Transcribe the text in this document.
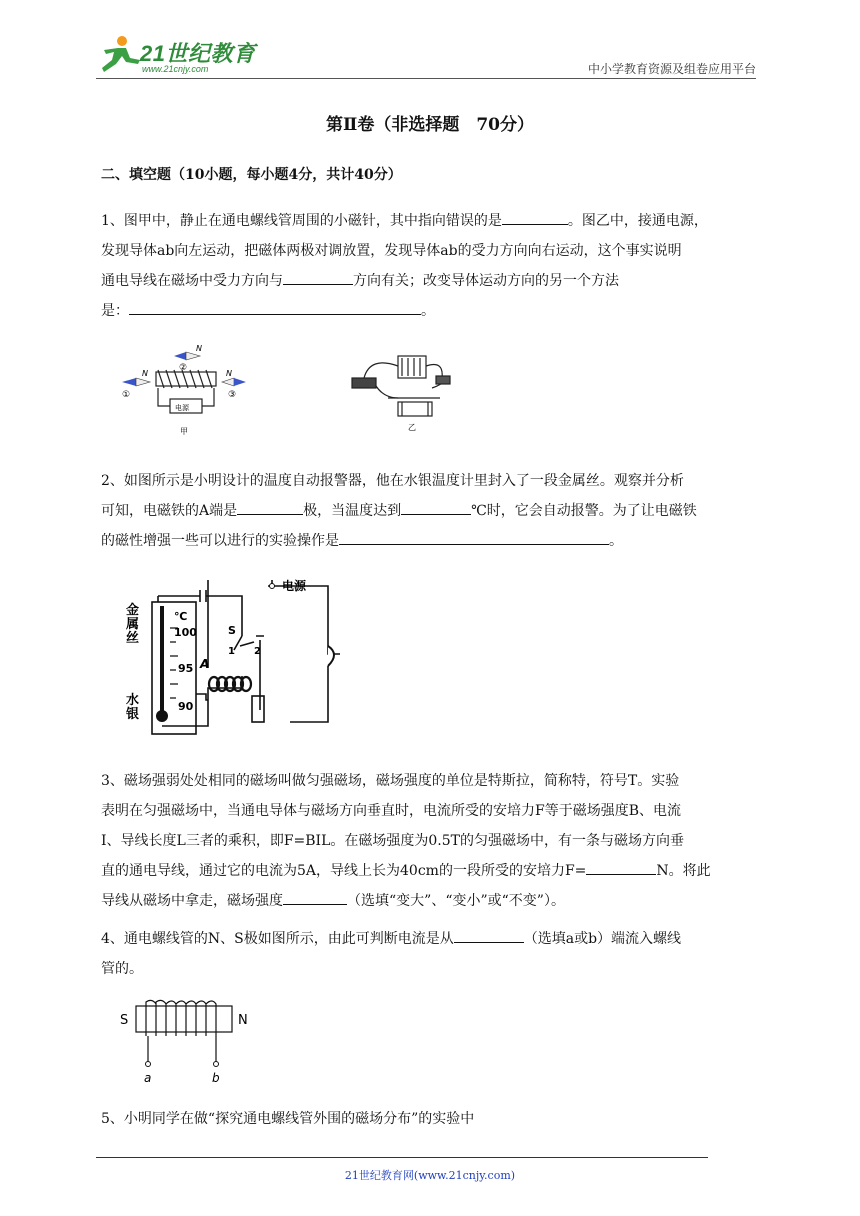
21世纪教育
www.21cnjy.com	中小学教育资源及组卷应用平台
第Ⅱ卷（非选择题　70分）
二、填空题（10小题，每小题4分，共计40分）
1、图甲中，静止在通电螺线管周围的小磁针，其中指向错误的是	。图乙中，接通电源，
发现导体ab向左运动，把磁体两极对调放置，发现导体ab的受力方向向右运动，这个事实说明
通电导线在磁场中受力方向与	方向有关；改变导体运动方向的另一个方法
是：	。
电源
N
①
N
②
N
③
甲	乙
2、如图所示是小明设计的温度自动报警器，他在水银温度计里封入了一段金属丝。观察并分析
可知，电磁铁的A端是	极，当温度达到	℃时，它会自动报警。为了让电磁铁
的磁性增强一些可以进行的实验操作是	。
℃
100
95
90
金
属
丝
水
银
电源
S
A
1 2
3、磁场强弱处处相同的磁场叫做匀强磁场，磁场强度的单位是特斯拉，简称特，符号T。实验
表明在匀强磁场中，当通电导体与磁场方向垂直时，电流所受的安培力F等于磁场强度B、电流
I、导线长度L三者的乘积，即F=BIL。在磁场强度为0.5T的匀强磁场中，有一条与磁场方向垂
直的通电导线，通过它的电流为5A，导线上长为40cm的一段所受的安培力F=	N。将此
导线从磁场中拿走，磁场强度	（选填“变大”、“变小”或“不变”）。
4、通电螺线管的N、S极如图所示，由此可判断电流是从	（选填a或b）端流入螺线
管的。
S	N
a	b
5、小明同学在做“探究通电螺线管外围的磁场分布”的实验中
21世纪教育网(www.21cnjy.com)
